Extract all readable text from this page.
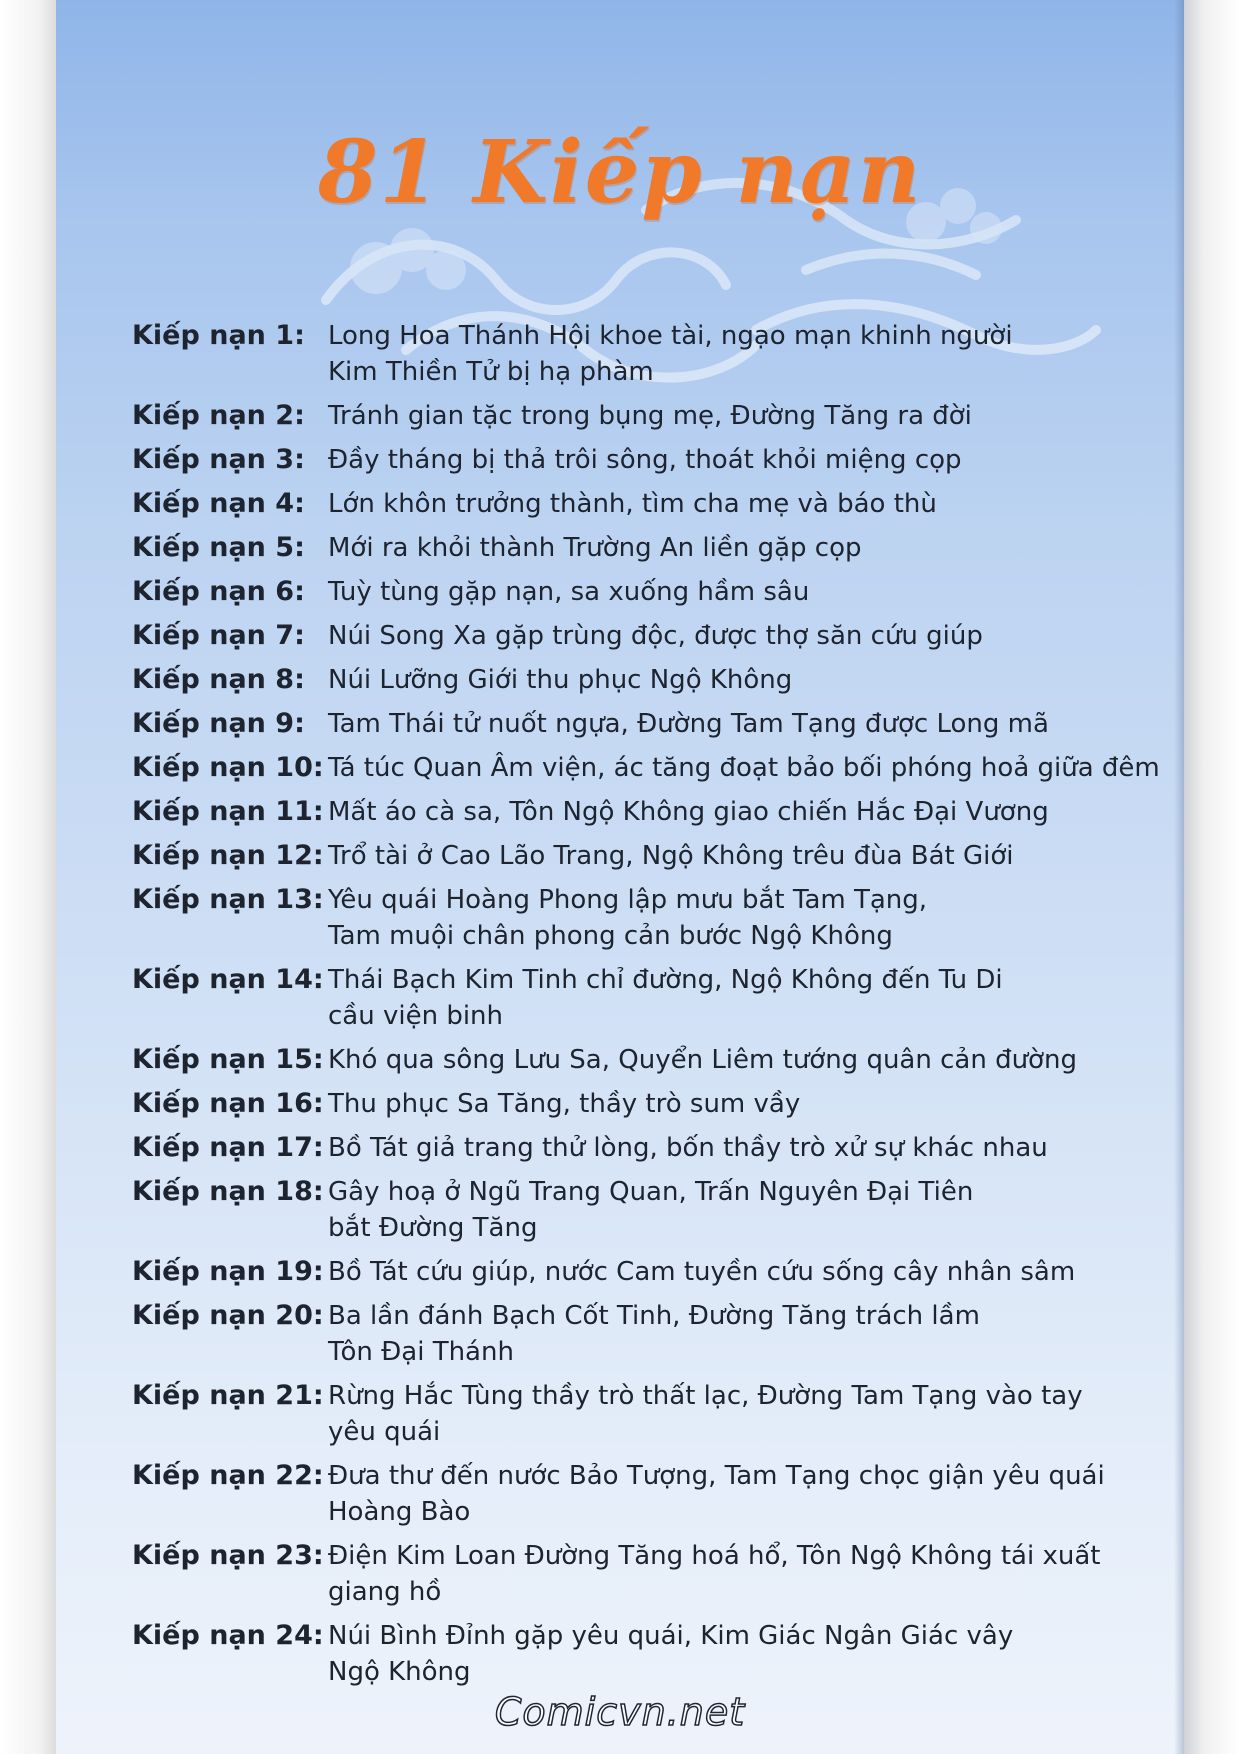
81 Kiếp nạn
Kiếp nạn 1: Long Hoa Thánh Hội khoe tài, ngạo mạn khinh người
Kim Thiền Tử bị hạ phàm
Kiếp nạn 2: Tránh gian tặc trong bụng mẹ, Đường Tăng ra đời
Kiếp nạn 3: Đầy tháng bị thả trôi sông, thoát khỏi miệng cọp
Kiếp nạn 4: Lớn khôn trưởng thành, tìm cha mẹ và báo thù
Kiếp nạn 5: Mới ra khỏi thành Trường An liền gặp cọp
Kiếp nạn 6: Tuỳ tùng gặp nạn, sa xuống hầm sâu
Kiếp nạn 7: Núi Song Xa gặp trùng độc, được thợ săn cứu giúp
Kiếp nạn 8: Núi Lưỡng Giới thu phục Ngộ Không
Kiếp nạn 9: Tam Thái tử nuốt ngựa, Đường Tam Tạng được Long mã
Kiếp nạn 10: Tá túc Quan Âm viện, ác tăng đoạt bảo bối phóng hoả giữa đêm
Kiếp nạn 11: Mất áo cà sa, Tôn Ngộ Không giao chiến Hắc Đại Vương
Kiếp nạn 12: Trổ tài ở Cao Lão Trang, Ngộ Không trêu đùa Bát Giới
Kiếp nạn 13: Yêu quái Hoàng Phong lập mưu bắt Tam Tạng,
Tam muội chân phong cản bước Ngộ Không
Kiếp nạn 14: Thái Bạch Kim Tinh chỉ đường, Ngộ Không đến Tu Di
cầu viện binh
Kiếp nạn 15: Khó qua sông Lưu Sa, Quyển Liêm tướng quân cản đường
Kiếp nạn 16: Thu phục Sa Tăng, thầy trò sum vầy
Kiếp nạn 17: Bồ Tát giả trang thử lòng, bốn thầy trò xử sự khác nhau
Kiếp nạn 18: Gây hoạ ở Ngũ Trang Quan, Trấn Nguyên Đại Tiên
bắt Đường Tăng
Kiếp nạn 19: Bồ Tát cứu giúp, nước Cam tuyền cứu sống cây nhân sâm
Kiếp nạn 20: Ba lần đánh Bạch Cốt Tinh, Đường Tăng trách lầm
Tôn Đại Thánh
Kiếp nạn 21: Rừng Hắc Tùng thầy trò thất lạc, Đường Tam Tạng vào tay
yêu quái
Kiếp nạn 22: Đưa thư đến nước Bảo Tượng, Tam Tạng chọc giận yêu quái
Hoàng Bào
Kiếp nạn 23: Điện Kim Loan Đường Tăng hoá hổ, Tôn Ngộ Không tái xuất
giang hồ
Kiếp nạn 24: Núi Bình Đỉnh gặp yêu quái, Kim Giác Ngân Giác vây
Ngộ Không
Comicvn.net
